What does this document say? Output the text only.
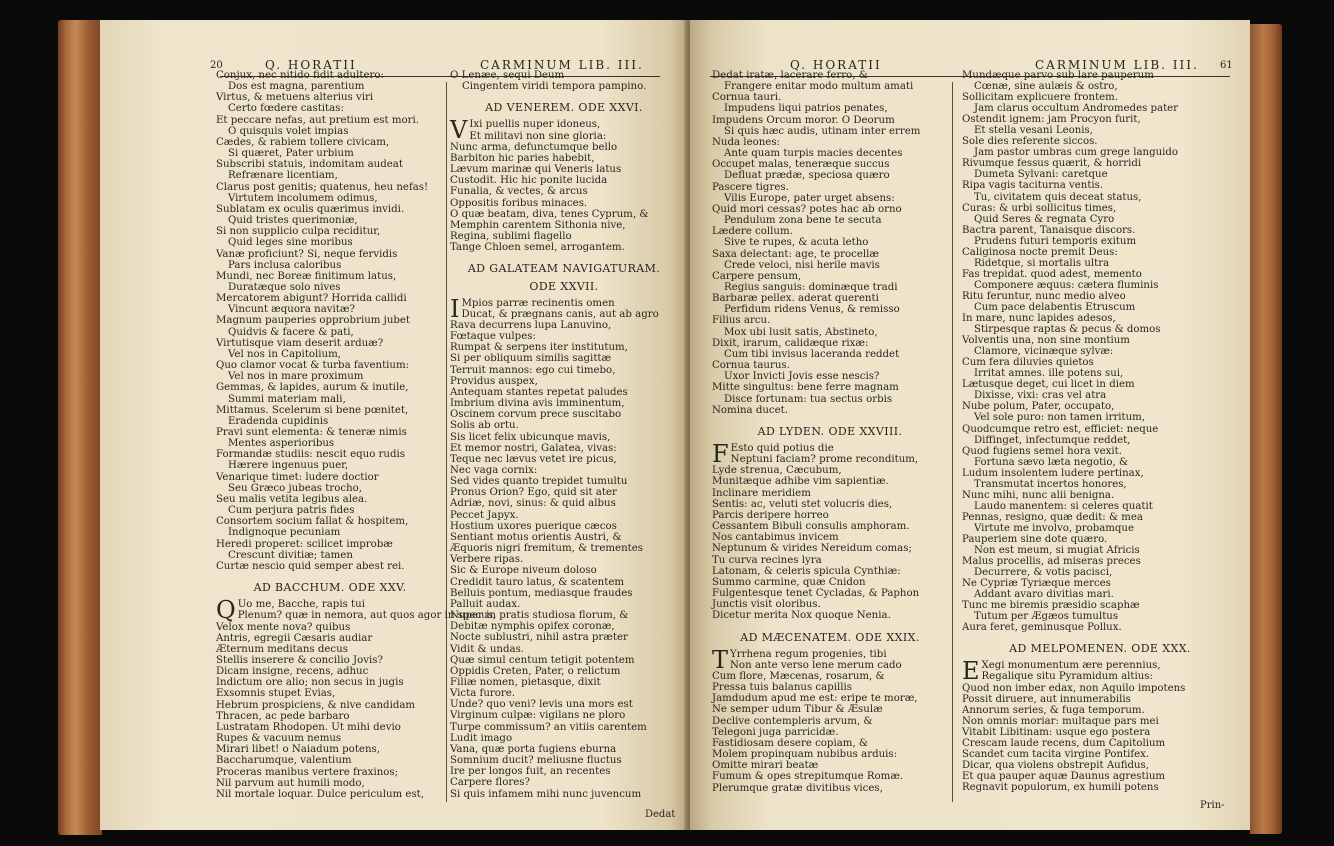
20	Q. HORATII	CARMINUM LIB. III.
Conjux, nec nitido fidit adultero:
Dos est magna, parentium
Virtus, & metuens alterius viri
Certo fœdere castitas:
Et peccare nefas, aut pretium est mori.
O quisquis volet impias
Cædes, & rabiem tollere civicam,
Si quæret, Pater urbium
Subscribi statuis, indomitam audeat
Refrænare licentiam,
Clarus post genitis; quatenus, heu nefas!
Virtutem incolumem odimus,
Sublatam ex oculis quærimus invidi.
Quid tristes querimoniæ,
Si non supplicio culpa reciditur,
Quid leges sine moribus
Vanæ proficiunt? Si, neque fervidis
Pars inclusa caloribus
Mundi, nec Boreæ finitimum latus,
Duratæque solo nives
Mercatorem abigunt? Horrida callidi
Vincunt æquora navitæ?
Magnum pauperies opprobrium jubet
Quidvis & facere & pati,
Virtutisque viam deserit arduæ?
Vel nos in Capitolium,
Quo clamor vocat & turba faventium:
Vel nos in mare proximum
Gemmas, & lapides, aurum & inutile,
Summi materiam mali,
Mittamus. Scelerum si bene pœnitet,
Eradenda cupidinis
Pravi sunt elementa: & teneræ nimis
Mentes asperioribus
Formandæ studiis: nescit equo rudis
Hærere ingenuus puer,
Venarique timet: ludere doctior
Seu Græco jubeas trocho,
Seu malis vetita legibus alea.
Cum perjura patris fides
Consortem socium fallat & hospitem,
Indignoque pecuniam
Heredi properet: scilicet improbæ
Crescunt divitiæ; tamen
Curtæ nescio quid semper abest rei.
AD BACCHUM. ODE XXV.
Q Uo me, Bacche, rapis tui
Plenum? quæ in nemora, aut quos agor in specus,
Velox mente nova? quibus
Antris, egregii Cæsaris audiar
Æternum meditans decus
Stellis inserere & concilio Jovis?
Dicam insigne, recens, adhuc
Indictum ore alio; non secus in jugis
Exsomnis stupet Evias,
Hebrum prospiciens, & nive candidam
Thracen, ac pede barbaro
Lustratam Rhodopen. Ut mihi devio
Rupes & vacuum nemus
Mirari libet! o Naiadum potens,
Baccharumque, valentium
Proceras manibus vertere fraxinos;
Nil parvum aut humili modo,
Nil mortale loquar. Dulce periculum est,
O Lenæe, sequi Deum
Cingentem viridi tempora pampino.
AD VENEREM. ODE XXVI.
V Ixi puellis nuper idoneus,
Et militavi non sine gloria:
Nunc arma, defunctumque bello
Barbiton hic paries habebit,
Lævum marinæ qui Veneris latus
Custodit. Hic hic ponite lucida
Funalia, & vectes, & arcus
Oppositis foribus minaces.
O quæ beatam, diva, tenes Cyprum, &
Memphin carentem Sithonia nive,
Regina, sublimi flagello
Tange Chloen semel, arrogantem.
AD GALATEAM NAVIGATURAM.
ODE XXVII.
I Mpios parræ recinentis omen
Ducat, & prægnans canis, aut ab agro
Rava decurrens lupa Lanuvino,
Fœtaque vulpes:
Rumpat & serpens iter institutum,
Si per obliquum similis sagittæ
Terruit mannos: ego cui timebo,
Providus auspex,
Antequam stantes repetat paludes
Imbrium divina avis imminentum,
Oscinem corvum prece suscitabo
Solis ab ortu.
Sis licet felix ubicunque mavis,
Et memor nostri, Galatea, vivas:
Teque nec lævus vetet ire picus,
Nec vaga cornix:
Sed vides quanto trepidet tumultu
Pronus Orion? Ego, quid sit ater
Adriæ, novi, sinus: & quid albus
Peccet Japyx.
Hostium uxores puerique cæcos
Sentiant motus orientis Austri, &
Æquoris nigri fremitum, & trementes
Verbere ripas.
Sic & Europe niveum doloso
Credidit tauro latus, & scatentem
Belluis pontum, mediasque fraudes
Palluit audax.
Nuper in pratis studiosa florum, &
Debitæ nymphis opifex coronæ,
Nocte sublustri, nihil astra præter
Vidit & undas.
Quæ simul centum tetigit potentem
Oppidis Creten, Pater, o relictum
Filiæ nomen, pietasque, dixit
Victa furore.
Unde? quo veni? levis una mors est
Virginum culpæ: vigilans ne ploro
Turpe commissum? an vitiis carentem
Ludit imago
Vana, quæ porta fugiens eburna
Somnium ducit? meliusne fluctus
Ire per longos fuit, an recentes
Carpere flores?
Si quis infamem mihi nunc juvencum
Dedat
Q. HORATII	CARMINUM LIB. III. 61
Dedat iratæ, lacerare ferro, &
Frangere enitar modo multum amati
Cornua tauri.
Impudens liqui patrios penates,
Impudens Orcum moror. O Deorum
Si quis hæc audis, utinam inter errem
Nuda leones:
Ante quam turpis macies decentes
Occupet malas, teneræque succus
Defluat prædæ, speciosa quæro
Pascere tigres.
Vilis Europe, pater urget absens:
Quid mori cessas? potes hac ab orno
Pendulum zona bene te secuta
Lædere collum.
Sive te rupes, & acuta letho
Saxa delectant: age, te procellæ
Crede veloci, nisi herile mavis
Carpere pensum,
Regius sanguis: dominæque tradi
Barbaræ pellex. aderat querenti
Perfidum ridens Venus, & remisso
Filius arcu.
Mox ubi lusit satis, Abstineto,
Dixit, irarum, calidæque rixæ:
Cum tibi invisus laceranda reddet
Cornua taurus.
Uxor Invicti Jovis esse nescis?
Mitte singultus: bene ferre magnam
Disce fortunam: tua sectus orbis
Nomina ducet.
AD LYDEN. ODE XXVIII.
F Esto quid potius die
Neptuni faciam? prome reconditum,
Lyde strenua, Cæcubum,
Munitæque adhibe vim sapientiæ.
Inclinare meridiem
Sentis: ac, veluti stet volucris dies,
Parcis deripere horreo
Cessantem Bibuli consulis amphoram.
Nos cantabimus invicem
Neptunum & virides Nereidum comas;
Tu curva recines lyra
Latonam, & celeris spicula Cynthiæ:
Summo carmine, quæ Cnidon
Fulgentesque tenet Cycladas, & Paphon
Junctis visit oloribus.
Dicetur merita Nox quoque Nenia.
AD MÆCENATEM. ODE XXIX.
T Yrrhena regum progenies, tibi
Non ante verso lene merum cado
Cum flore, Mæcenas, rosarum, &
Pressa tuis balanus capillis
Jamdudum apud me est: eripe te moræ,
Ne semper udum Tibur & Æsulæ
Declive contempleris arvum, &
Telegoni juga parricidæ.
Fastidiosam desere copiam, &
Molem propinquam nubibus arduis:
Omitte mirari beatæ
Fumum & opes strepitumque Romæ.
Plerumque gratæ divitibus vices,
Mundæque parvo sub lare pauperum
Cœnæ, sine aulæis & ostro,
Sollicitam explicuere frontem.
Jam clarus occultum Andromedes pater
Ostendit ignem: jam Procyon furit,
Et stella vesani Leonis,
Sole dies referente siccos.
Jam pastor umbras cum grege languido
Rivumque fessus quærit, & horridi
Dumeta Sylvani: caretque
Ripa vagis taciturna ventis.
Tu, civitatem quis deceat status,
Curas: & urbi sollicitus times,
Quid Seres & regnata Cyro
Bactra parent, Tanaisque discors.
Prudens futuri temporis exitum
Caliginosa nocte premit Deus:
Ridetque, si mortalis ultra
Fas trepidat. quod adest, memento
Componere æquus: cætera fluminis
Ritu feruntur, nunc medio alveo
Cum pace delabentis Etruscum
In mare, nunc lapides adesos,
Stirpesque raptas & pecus & domos
Volventis una, non sine montium
Clamore, vicinæque sylvæ:
Cum fera diluvies quietos
Irritat amnes. ille potens sui,
Lætusque deget, cui licet in diem
Dixisse, vixi: cras vel atra
Nube polum, Pater, occupato,
Vel sole puro: non tamen irritum,
Quodcumque retro est, efficiet: neque
Diffinget, infectumque reddet,
Quod fugiens semel hora vexit.
Fortuna sævo læta negotio, &
Ludum insolentem ludere pertinax,
Transmutat incertos honores,
Nunc mihi, nunc alii benigna.
Laudo manentem: si celeres quatit
Pennas, resigno, quæ dedit: & mea
Virtute me involvo, probamque
Pauperiem sine dote quæro.
Non est meum, si mugiat Africis
Malus procellis, ad miseras preces
Decurrere, & votis pacisci,
Ne Cypriæ Tyriæque merces
Addant avaro divitias mari.
Tunc me biremis præsidio scaphæ
Tutum per Ægæos tumultus
Aura feret, geminusque Pollux.
AD MELPOMENEN. ODE XXX.
E Xegi monumentum ære perennius,
Regalique situ Pyramidum altius:
Quod non imber edax, non Aquilo impotens
Possit diruere, aut innumerabilis
Annorum series, & fuga temporum.
Non omnis moriar: multaque pars mei
Vitabit Libitinam: usque ego postera
Crescam laude recens, dum Capitolium
Scandet cum tacita virgine Pontifex.
Dicar, qua violens obstrepit Aufidus,
Et qua pauper aquæ Daunus agrestium
Regnavit populorum, ex humili potens
Prin-
